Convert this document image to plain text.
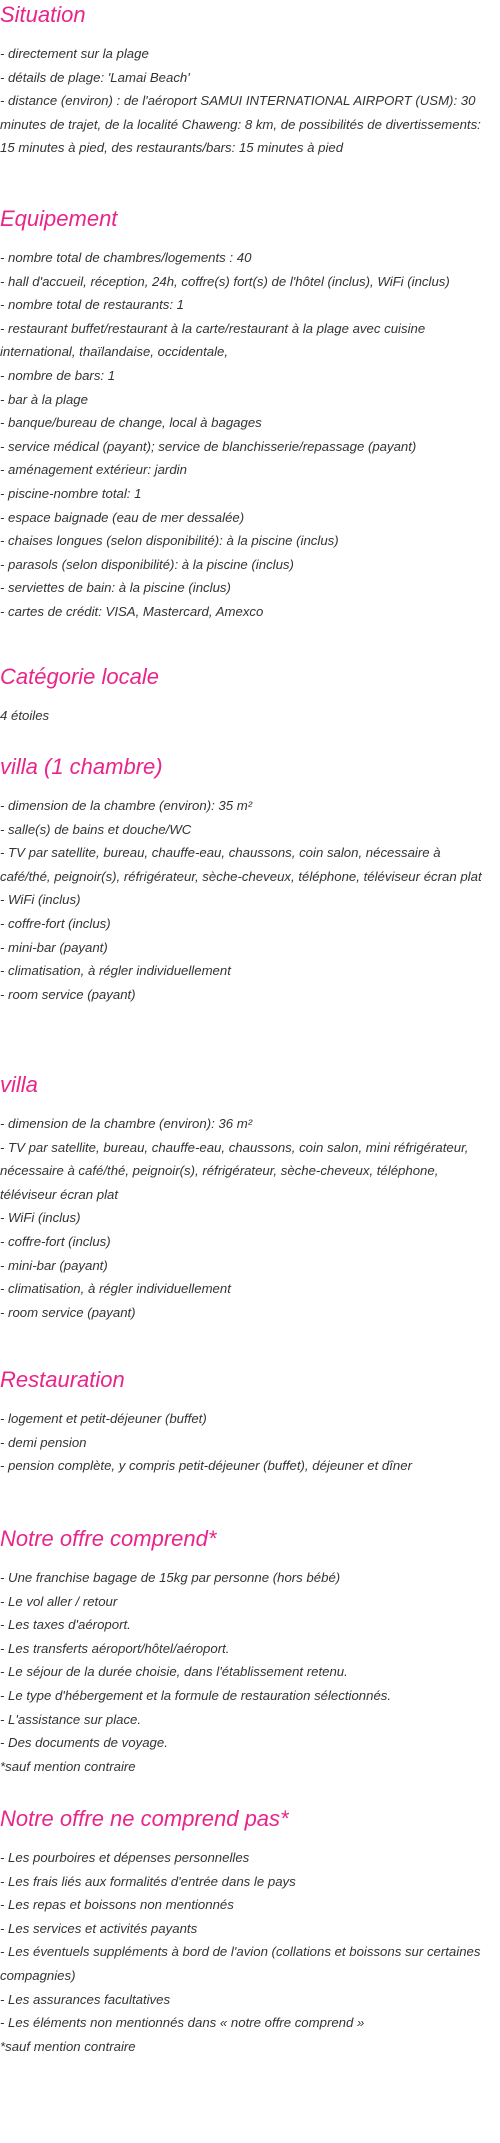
Situation
- directement sur la plage
- détails de plage: 'Lamai Beach'
- distance (environ) : de l'aéroport SAMUI INTERNATIONAL AIRPORT (USM): 30 minutes de trajet, de la localité Chaweng: 8 km, de possibilités de divertissements: 15 minutes à pied, des restaurants/bars: 15 minutes à pied
Equipement
- nombre total de chambres/logements : 40
- hall d'accueil, réception, 24h, coffre(s) fort(s) de l'hôtel (inclus), WiFi (inclus)
- nombre total de restaurants: 1
- restaurant buffet/restaurant à la carte/restaurant à la plage avec cuisine international, thaïlandaise, occidentale,
- nombre de bars: 1
- bar à la plage
- banque/bureau de change, local à bagages
- service médical (payant); service de blanchisserie/repassage (payant)
- aménagement extérieur: jardin
- piscine-nombre total: 1
- espace baignade (eau de mer dessalée)
- chaises longues (selon disponibilité): à la piscine (inclus)
- parasols (selon disponibilité): à la piscine (inclus)
- serviettes de bain: à la piscine (inclus)
- cartes de crédit: VISA, Mastercard, Amexco
Catégorie locale
4 étoiles
villa (1 chambre)
- dimension de la chambre (environ): 35 m²
- salle(s) de bains et douche/WC
- TV par satellite, bureau, chauffe-eau, chaussons, coin salon, nécessaire à café/thé, peignoir(s), réfrigérateur, sèche-cheveux, téléphone, téléviseur écran plat
- WiFi (inclus)
- coffre-fort (inclus)
- mini-bar (payant)
- climatisation, à régler individuellement
- room service (payant)
villa
- dimension de la chambre (environ): 36 m²
- TV par satellite, bureau, chauffe-eau, chaussons, coin salon, mini réfrigérateur, nécessaire à café/thé, peignoir(s), réfrigérateur, sèche-cheveux, téléphone, téléviseur écran plat
- WiFi (inclus)
- coffre-fort (inclus)
- mini-bar (payant)
- climatisation, à régler individuellement
- room service (payant)
Restauration
- logement et petit-déjeuner (buffet)
- demi pension
- pension complète, y compris petit-déjeuner (buffet), déjeuner et dîner
Notre offre comprend*
- Une franchise bagage de 15kg par personne (hors bébé)
- Le vol aller / retour
- Les taxes d'aéroport.
- Les transferts aéroport/hôtel/aéroport.
- Le séjour de la durée choisie, dans l'établissement retenu.
- Le type d'hébergement et la formule de restauration sélectionnés.
- L'assistance sur place.
- Des documents de voyage.
*sauf mention contraire
Notre offre ne comprend pas*
- Les pourboires et dépenses personnelles
- Les frais liés aux formalités d'entrée dans le pays
- Les repas et boissons non mentionnés
- Les services et activités payants
- Les éventuels suppléments à bord de l'avion (collations et boissons sur certaines compagnies)
- Les assurances facultatives
- Les éléments non mentionnés dans « notre offre comprend »
*sauf mention contraire
